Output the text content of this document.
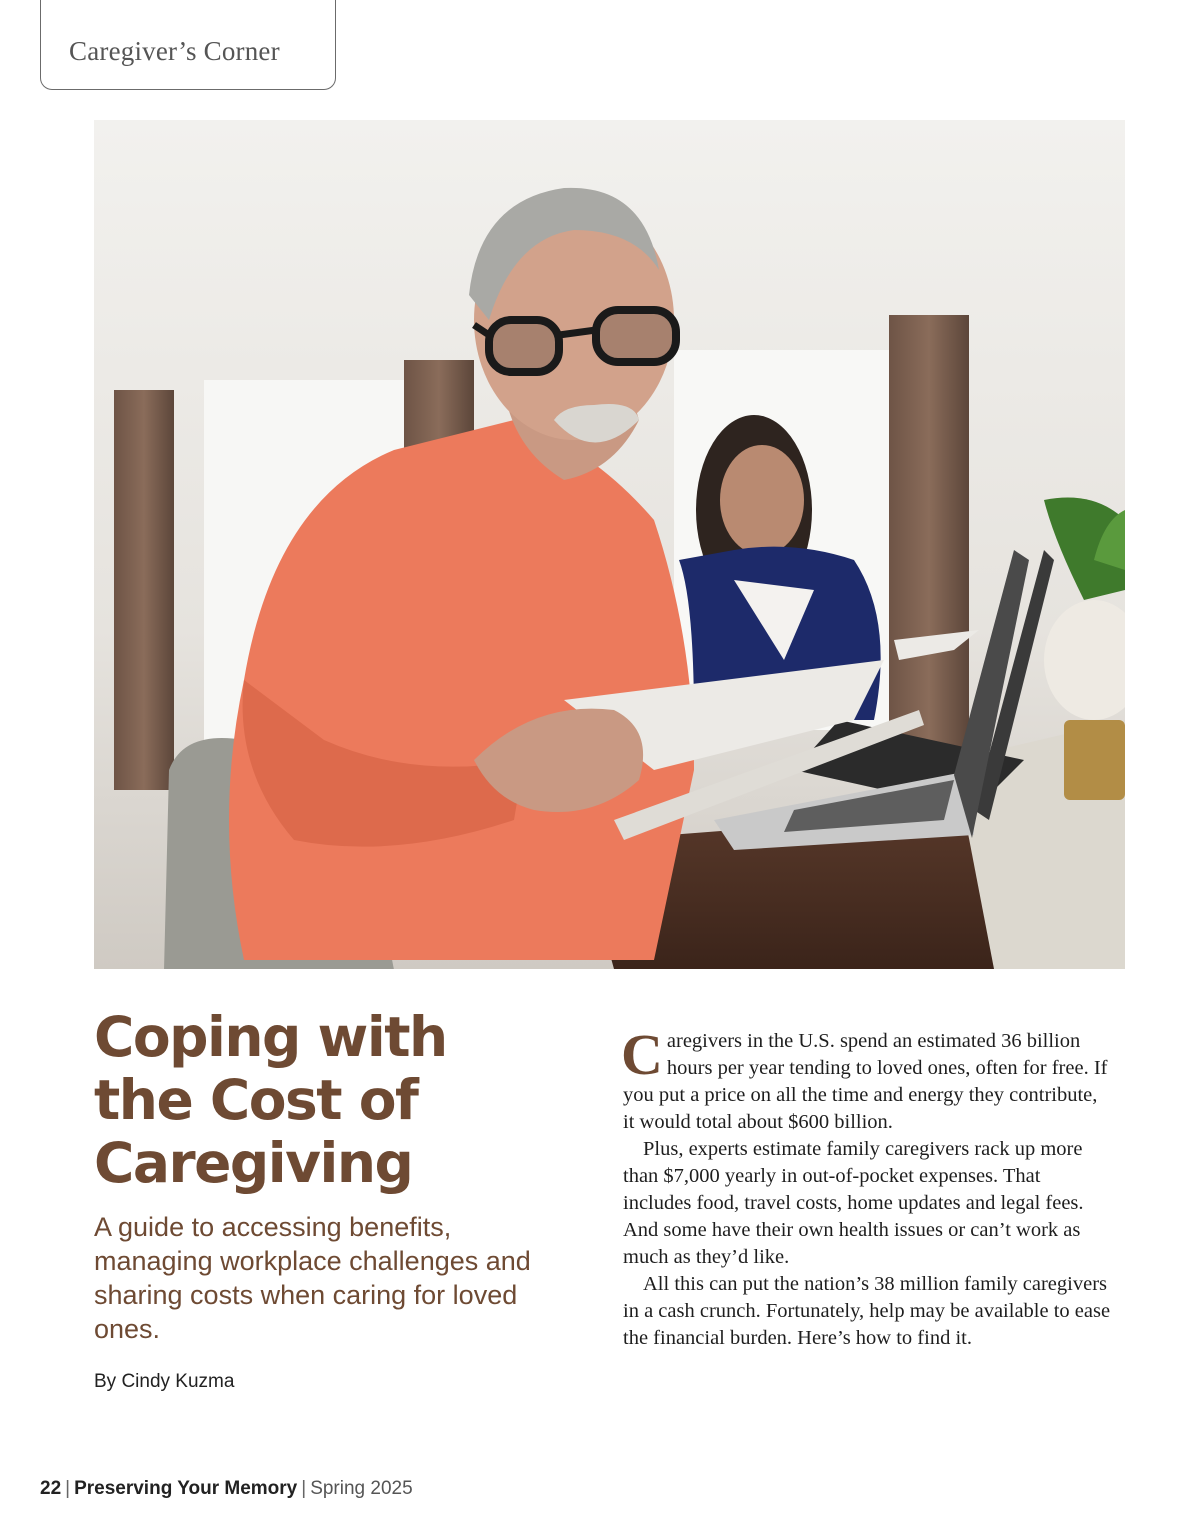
Caregiver’s Corner
Coping with
the Cost of
Caregiving

A guide to accessing benefits, managing workplace challenges and sharing costs when caring for loved ones.

By Cindy Kuzma

Caregivers in the U.S. spend an estimated 36 billion hours per year tending to loved ones, often for free. If you put a price on all the time and energy they contribute, it would total about $600 billion.

Plus, experts estimate family caregivers rack up more than $7,000 yearly in out-of-pocket expenses. That includes food, travel costs, home updates and legal fees. And some have their own health issues or can’t work as much as they’d like.

All this can put the nation’s 38 million family caregivers in a cash crunch. Fortunately, help may be available to ease the financial burden. Here’s how to find it.

22 | Preserving Your Memory | Spring 2025
